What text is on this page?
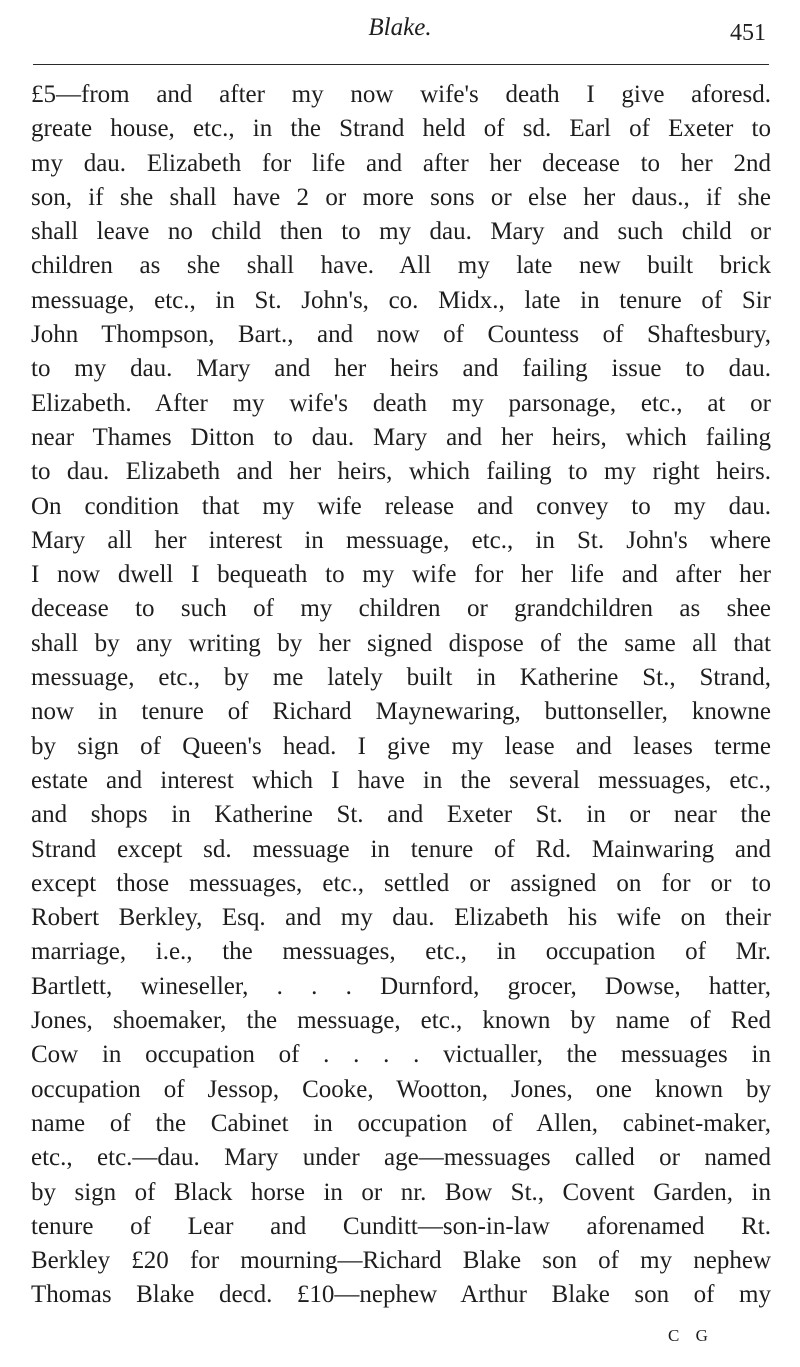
Blake.	451
£5—from and after my now wife's death I give aforesd.
greate house, etc., in the Strand held of sd. Earl of Exeter to
my dau. Elizabeth for life and after her decease to her 2nd
son, if she shall have 2 or more sons or else her daus., if she
shall leave no child then to my dau. Mary and such child or
children as she shall have. All my late new built brick
messuage, etc., in St. John's, co. Midx., late in tenure of Sir
John Thompson, Bart., and now of Countess of Shaftesbury,
to my dau. Mary and her heirs and failing issue to dau.
Elizabeth. After my wife's death my parsonage, etc., at or
near Thames Ditton to dau. Mary and her heirs, which failing
to dau. Elizabeth and her heirs, which failing to my right heirs.
On condition that my wife release and convey to my dau.
Mary all her interest in messuage, etc., in St. John's where
I now dwell I bequeath to my wife for her life and after her
decease to such of my children or grandchildren as shee
shall by any writing by her signed dispose of the same all that
messuage, etc., by me lately built in Katherine St., Strand,
now in tenure of Richard Maynewaring, buttonseller, knowne
by sign of Queen's head. I give my lease and leases terme
estate and interest which I have in the several messuages, etc.,
and shops in Katherine St. and Exeter St. in or near the
Strand except sd. messuage in tenure of Rd. Mainwaring and
except those messuages, etc., settled or assigned on for or to
Robert Berkley, Esq. and my dau. Elizabeth his wife on their
marriage, i.e., the messuages, etc., in occupation of Mr.
Bartlett, wineseller, . . . Durnford, grocer, Dowse, hatter,
Jones, shoemaker, the messuage, etc., known by name of Red
Cow in occupation of . . . . victualler, the messuages in
occupation of Jessop, Cooke, Wootton, Jones, one known by
name of the Cabinet in occupation of Allen, cabinet-maker,
etc., etc.—dau. Mary under age—messuages called or named
by sign of Black horse in or nr. Bow St., Covent Garden, in
tenure of Lear and Cunditt—son-in-law aforenamed Rt.
Berkley £20 for mourning—Richard Blake son of my nephew
Thomas Blake decd. £10—nephew Arthur Blake son of my
C G
